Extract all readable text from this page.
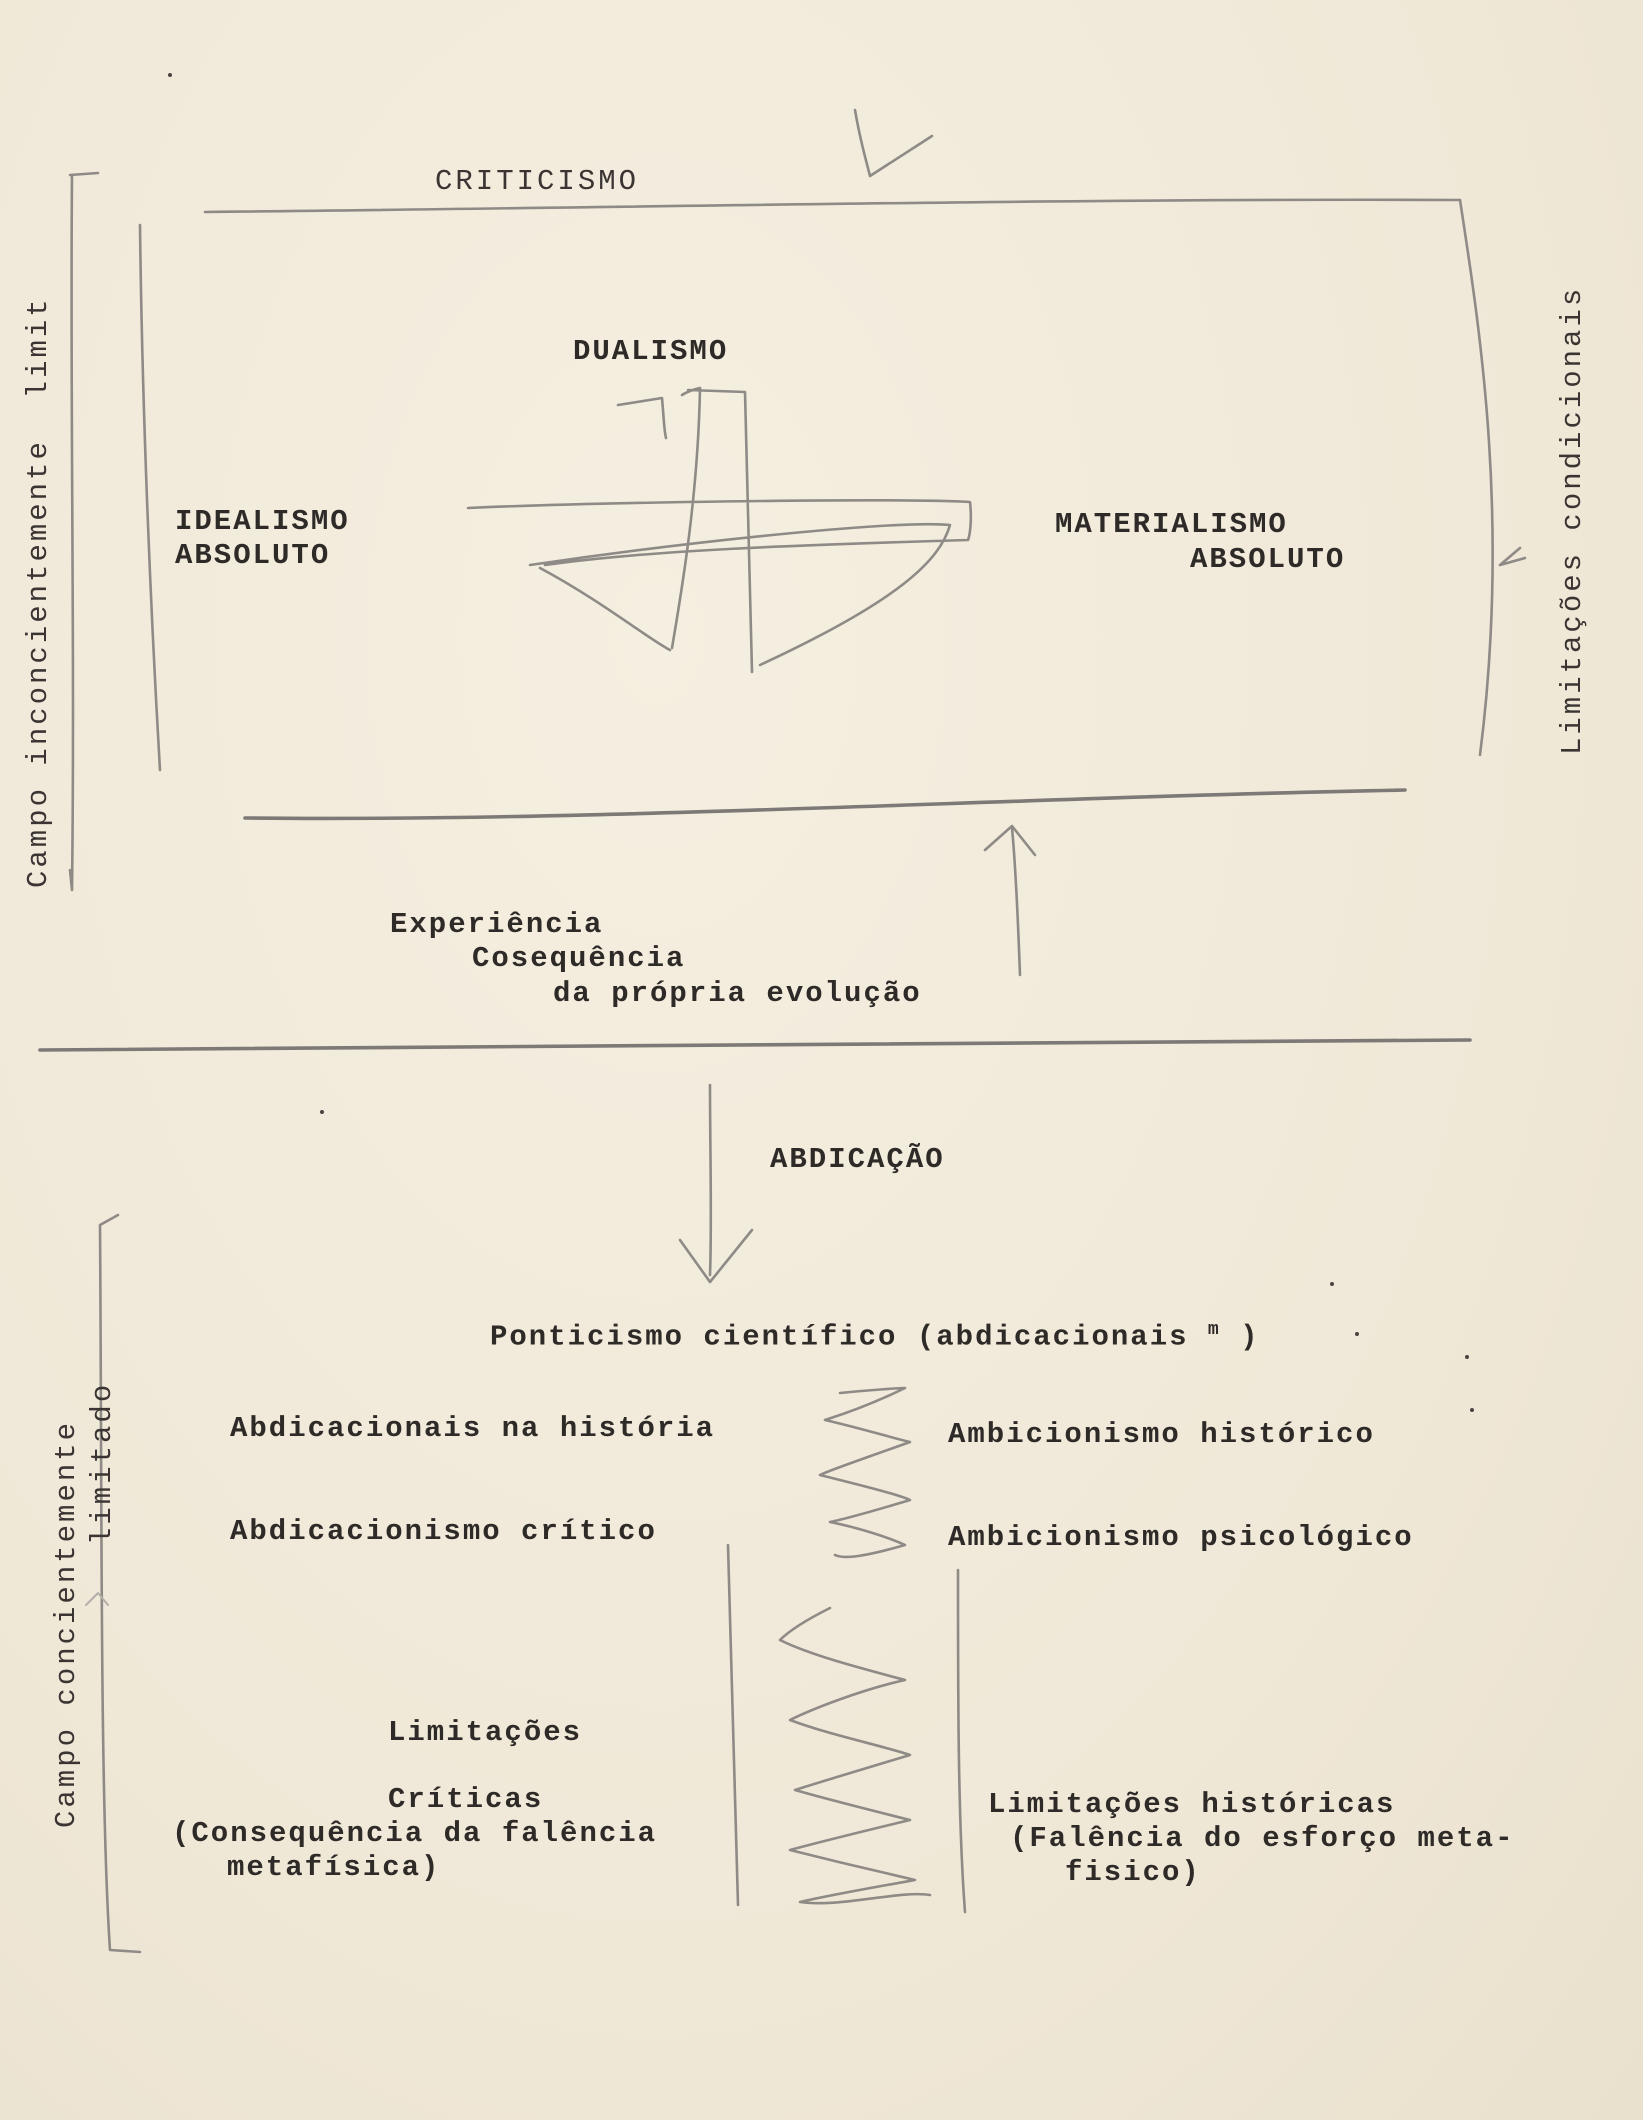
CRITICISMO
DUALISMO
IDEALISMO
ABSOLUTO
MATERIALISMO
ABSOLUTO
Experiência
Cosequência
da própria evolução
Campo inconcientemente  limit	Limitações condicionais
ABDICAÇÃO
Ponticismo científico (abdicacionais $^m$ )
Abdicacionais na história
Abdicacionismo crítico
Ambicionismo histórico
Ambicionismo psicológico
Limitações
Críticas
(Consequência da falência
metafísica)
Limitações históricas
(Falência do esforço meta-
fisico)
Campo concientemente limitado
